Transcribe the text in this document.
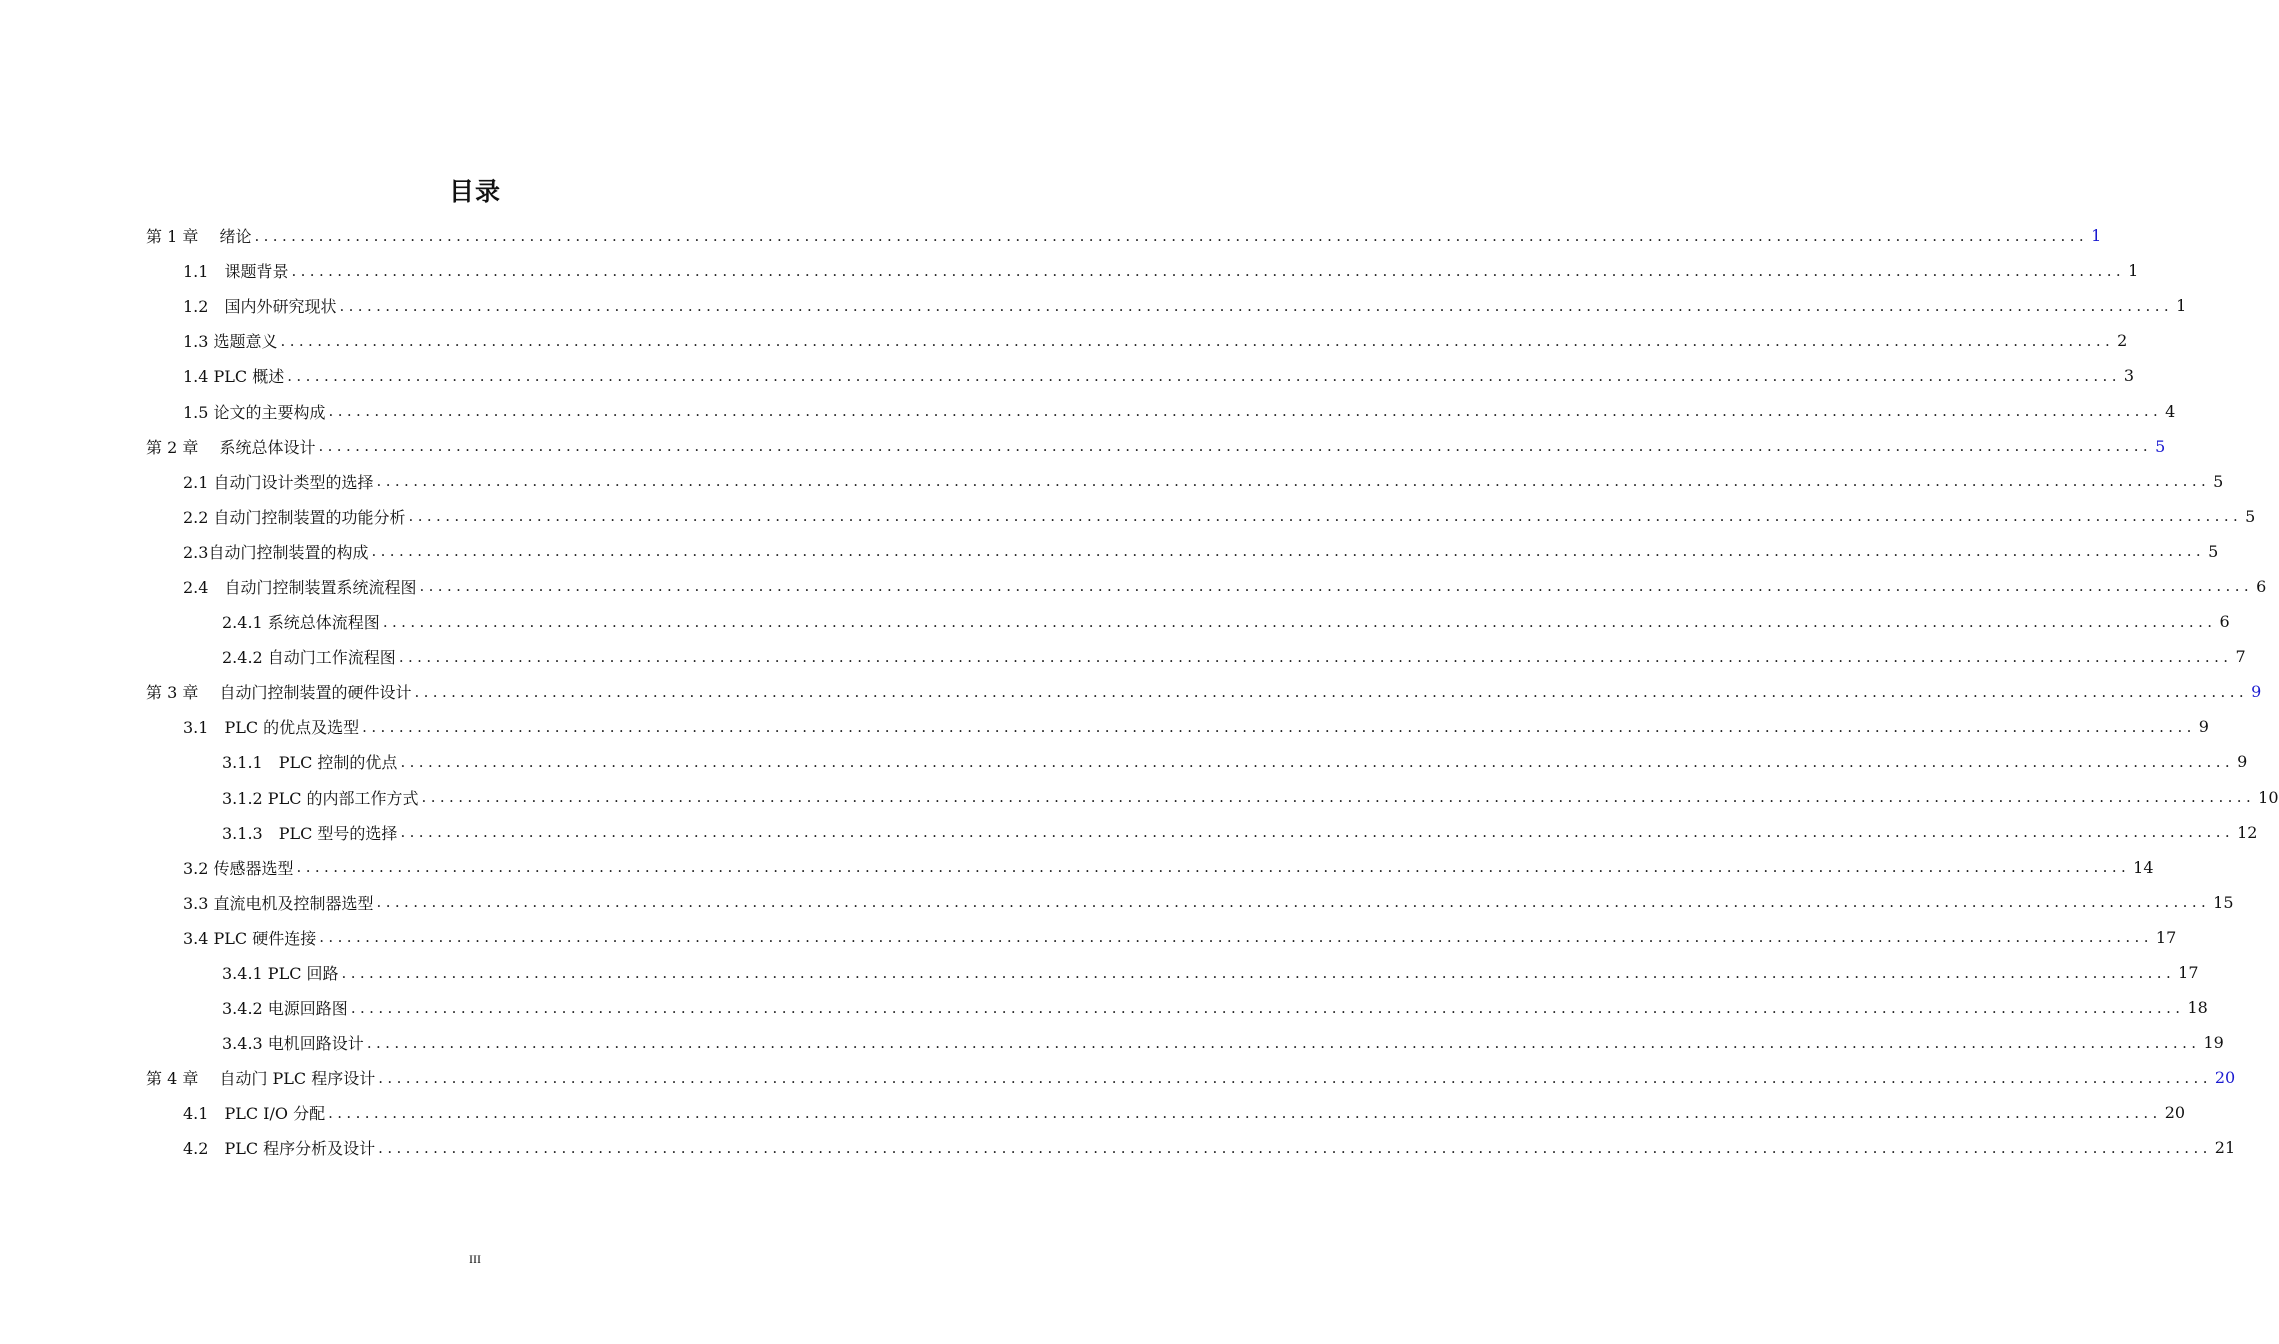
目录
第 1 章　 绪论 ........................................................................................................................................................................................................ 1
1.1　课题背景 ........................................................................................................................................................................................................ 1
1.2　国内外研究现状 ........................................................................................................................................................................................................ 1
1.3 选题意义 ........................................................................................................................................................................................................ 2
1.4 PLC 概述 ........................................................................................................................................................................................................ 3
1.5 论文的主要构成 ........................................................................................................................................................................................................ 4
第 2 章　 系统总体设计 ........................................................................................................................................................................................................ 5
2.1 自动门设计类型的选择 ........................................................................................................................................................................................................ 5
2.2 自动门控制装置的功能分析 ........................................................................................................................................................................................................ 5
2.3自动门控制装置的构成 ........................................................................................................................................................................................................ 5
2.4　自动门控制装置系统流程图 ........................................................................................................................................................................................................ 6
2.4.1 系统总体流程图 ........................................................................................................................................................................................................ 6
2.4.2 自动门工作流程图 ........................................................................................................................................................................................................ 7
第 3 章　 自动门控制装置的硬件设计 ........................................................................................................................................................................................................ 9
3.1　PLC 的优点及选型 ........................................................................................................................................................................................................ 9
3.1.1　PLC 控制的优点 ........................................................................................................................................................................................................ 9
3.1.2 PLC 的内部工作方式 ........................................................................................................................................................................................................ 10
3.1.3　PLC 型号的选择 ........................................................................................................................................................................................................ 12
3.2 传感器选型 ........................................................................................................................................................................................................ 14
3.3 直流电机及控制器选型 ........................................................................................................................................................................................................ 15
3.4 PLC 硬件连接 ........................................................................................................................................................................................................ 17
3.4.1 PLC 回路 ........................................................................................................................................................................................................ 17
3.4.2 电源回路图 ........................................................................................................................................................................................................ 18
3.4.3 电机回路设计 ........................................................................................................................................................................................................ 19
第 4 章　 自动门 PLC 程序设计 ........................................................................................................................................................................................................ 20
4.1　PLC I/O 分配 ........................................................................................................................................................................................................ 20
4.2　PLC 程序分析及设计 ........................................................................................................................................................................................................ 21
III
